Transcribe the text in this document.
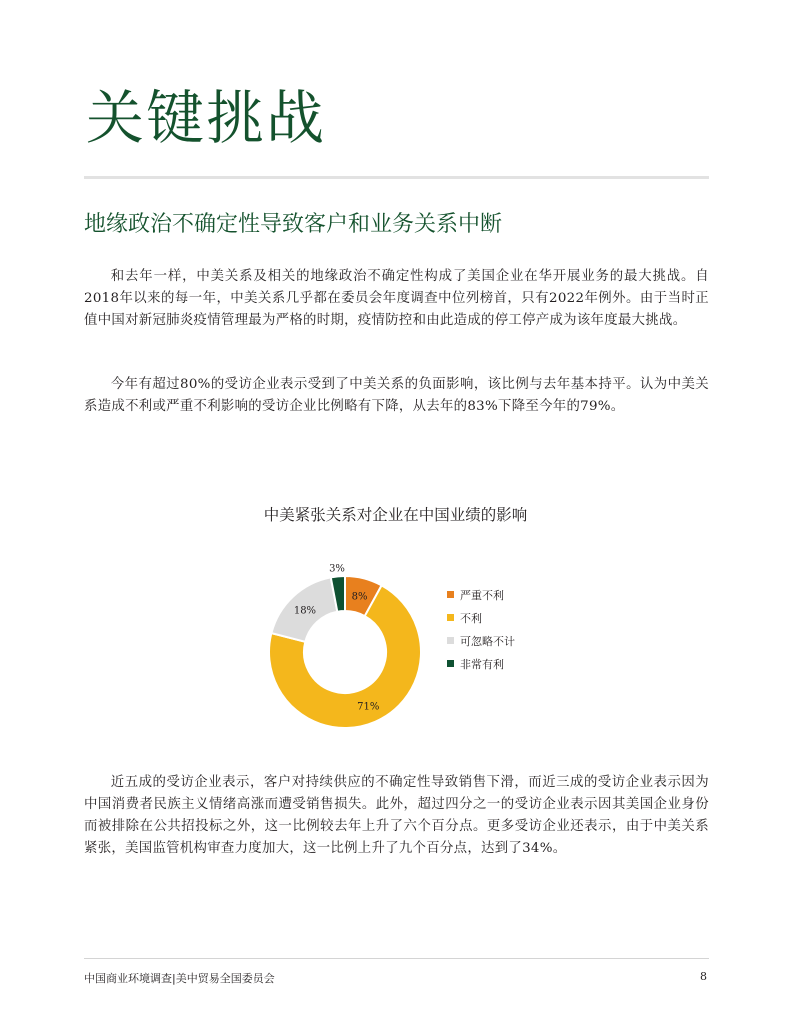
关键挑战
地缘政治不确定性导致客户和业务关系中断

和去年一样，中美关系及相关的地缘政治不确定性构成了美国企业在华开展业务的最大挑战。自2018年以来的每一年，中美关系几乎都在委员会年度调查中位列榜首，只有2022年例外。由于当时正值中国对新冠肺炎疫情管理最为严格的时期，疫情防控和由此造成的停工停产成为该年度最大挑战。

今年有超过80%的受访企业表示受到了中美关系的负面影响，该比例与去年基本持平。认为中美关系造成不利或严重不利影响的受访企业比例略有下降，从去年的83%下降至今年的79%。

中美紧张关系对企业在中国业绩的影响
8%
71%
18%
3%
严重不利
不利
可忽略不计
非常有利

近五成的受访企业表示，客户对持续供应的不确定性导致销售下滑，而近三成的受访企业表示因为中国消费者民族主义情绪高涨而遭受销售损失。此外，超过四分之一的受访企业表示因其美国企业身份而被排除在公共招投标之外，这一比例较去年上升了六个百分点。更多受访企业还表示，由于中美关系紧张，美国监管机构审查力度加大，这一比例上升了九个百分点，达到了34%。

中国商业环境调查|美中贸易全国委员会	8
